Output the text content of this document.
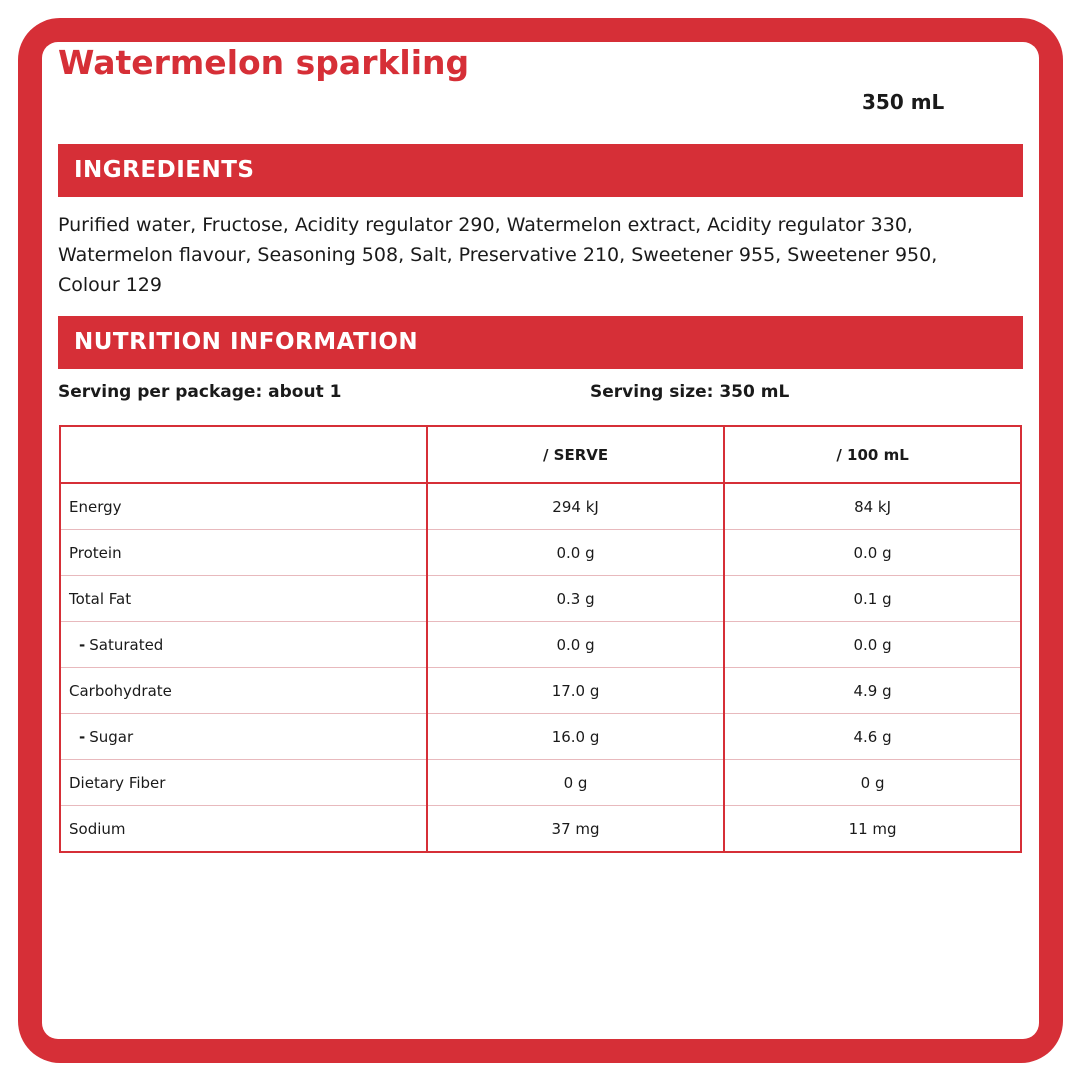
Watermelon sparkling
350 mL
INGREDIENTS
Purified water, Fructose, Acidity regulator 290, Watermelon extract, Acidity regulator 330, Watermelon flavour, Seasoning 508, Salt, Preservative 210, Sweetener 955, Sweetener 950, Colour 129
NUTRITION INFORMATION
Serving per package: about 1	Serving size: 350 mL
	/ SERVE	/ 100 mL
Energy	294 kJ	84 kJ
Protein	0.0 g	0.0 g
Total Fat	0.3 g	0.1 g
- Saturated	0.0 g	0.0 g
Carbohydrate	17.0 g	4.9 g
- Sugar	16.0 g	4.6 g
Dietary Fiber	0 g	0 g
Sodium	37 mg	11 mg
